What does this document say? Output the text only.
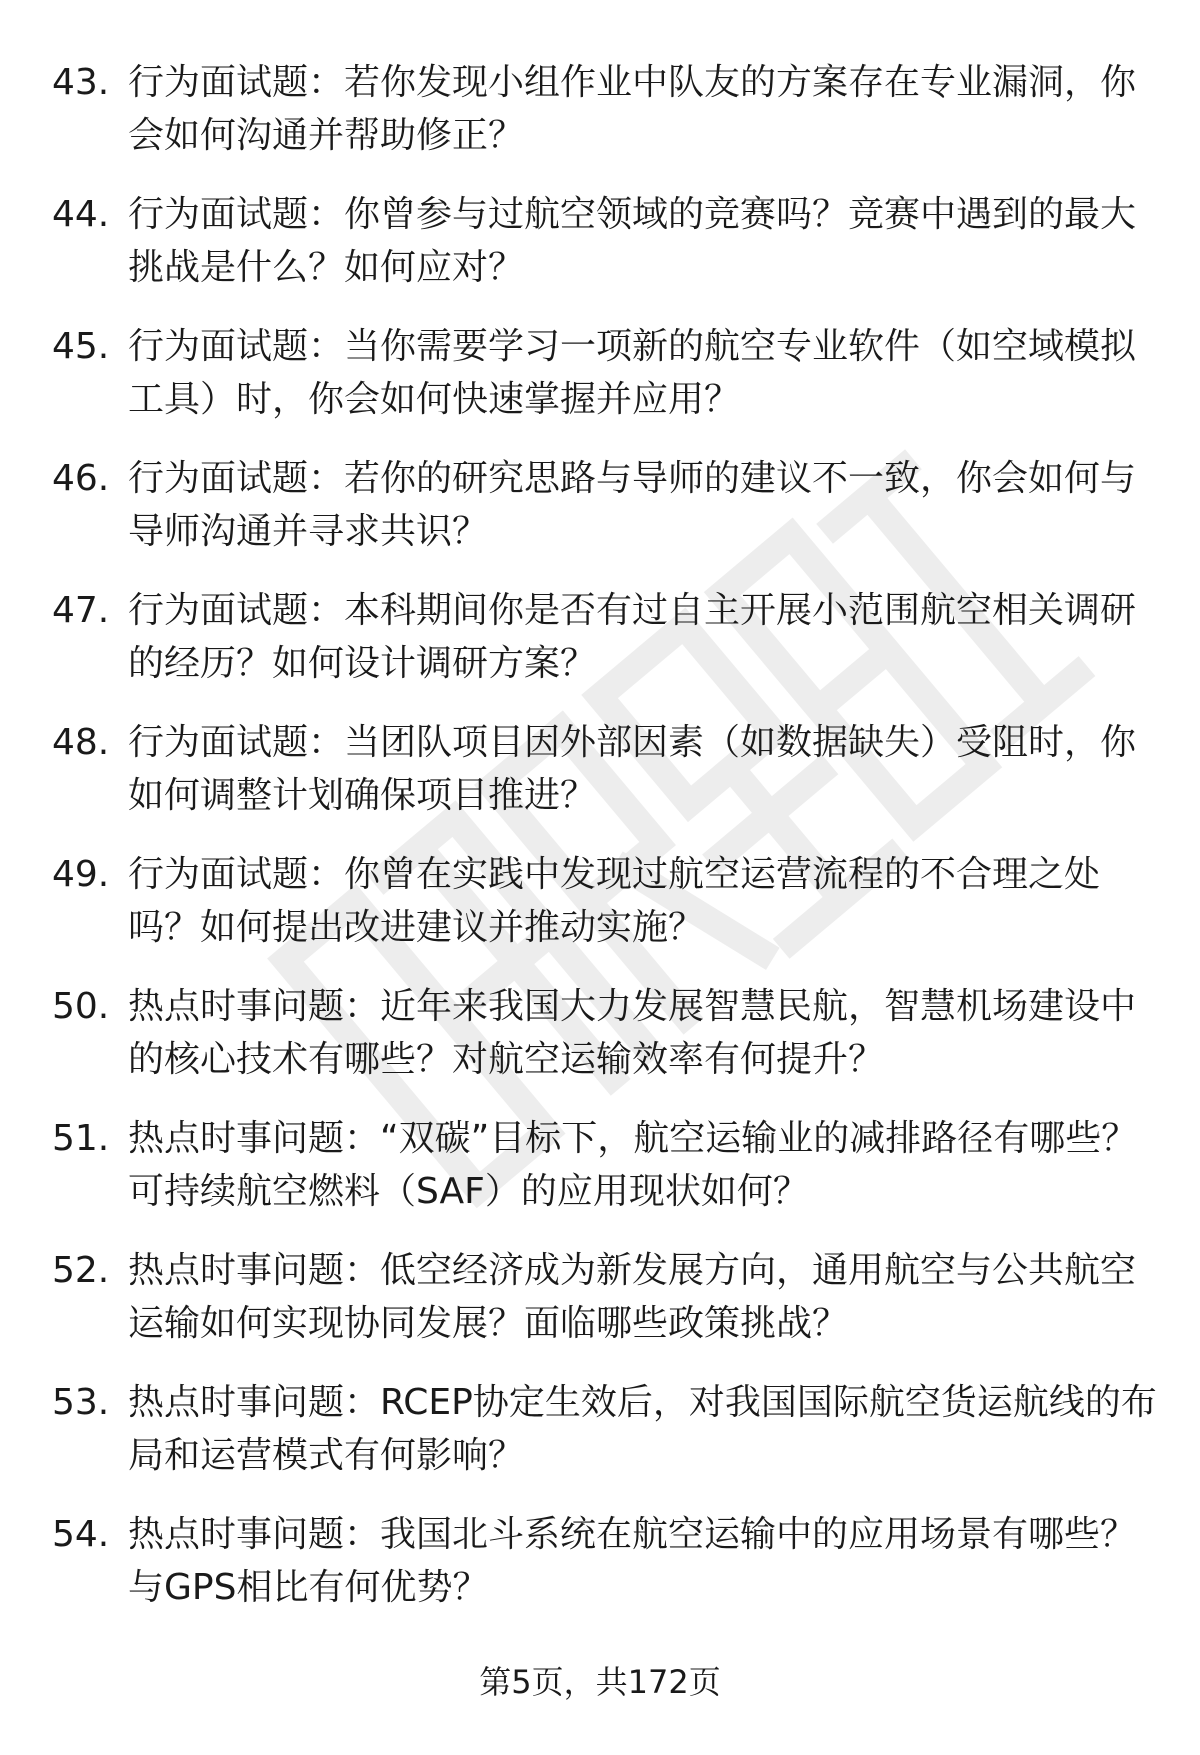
43. 行为面试题：若你发现小组作业中队友的方案存在专业漏洞，你会如何沟通并帮助修正？
44. 行为面试题：你曾参与过航空领域的竞赛吗？竞赛中遇到的最大挑战是什么？如何应对？
45. 行为面试题：当你需要学习一项新的航空专业软件（如空域模拟工具）时，你会如何快速掌握并应用？
46. 行为面试题：若你的研究思路与导师的建议不一致，你会如何与导师沟通并寻求共识？
47. 行为面试题：本科期间你是否有过自主开展小范围航空相关调研的经历？如何设计调研方案？
48. 行为面试题：当团队项目因外部因素（如数据缺失）受阻时，你如何调整计划确保项目推进？
49. 行为面试题：你曾在实践中发现过航空运营流程的不合理之处吗？如何提出改进建议并推动实施？
50. 热点时事问题：近年来我国大力发展智慧民航，智慧机场建设中的核心技术有哪些？对航空运输效率有何提升？
51. 热点时事问题：“双碳”目标下，航空运输业的减排路径有哪些？可持续航空燃料（SAF）的应用现状如何？
52. 热点时事问题：低空经济成为新发展方向，通用航空与公共航空运输如何实现协同发展？面临哪些政策挑战？
53. 热点时事问题：RCEP协定生效后，对我国国际航空货运航线的布局和运营模式有何影响？
54. 热点时事问题：我国北斗系统在航空运输中的应用场景有哪些？与GPS相比有何优势？
第5页，共172页
